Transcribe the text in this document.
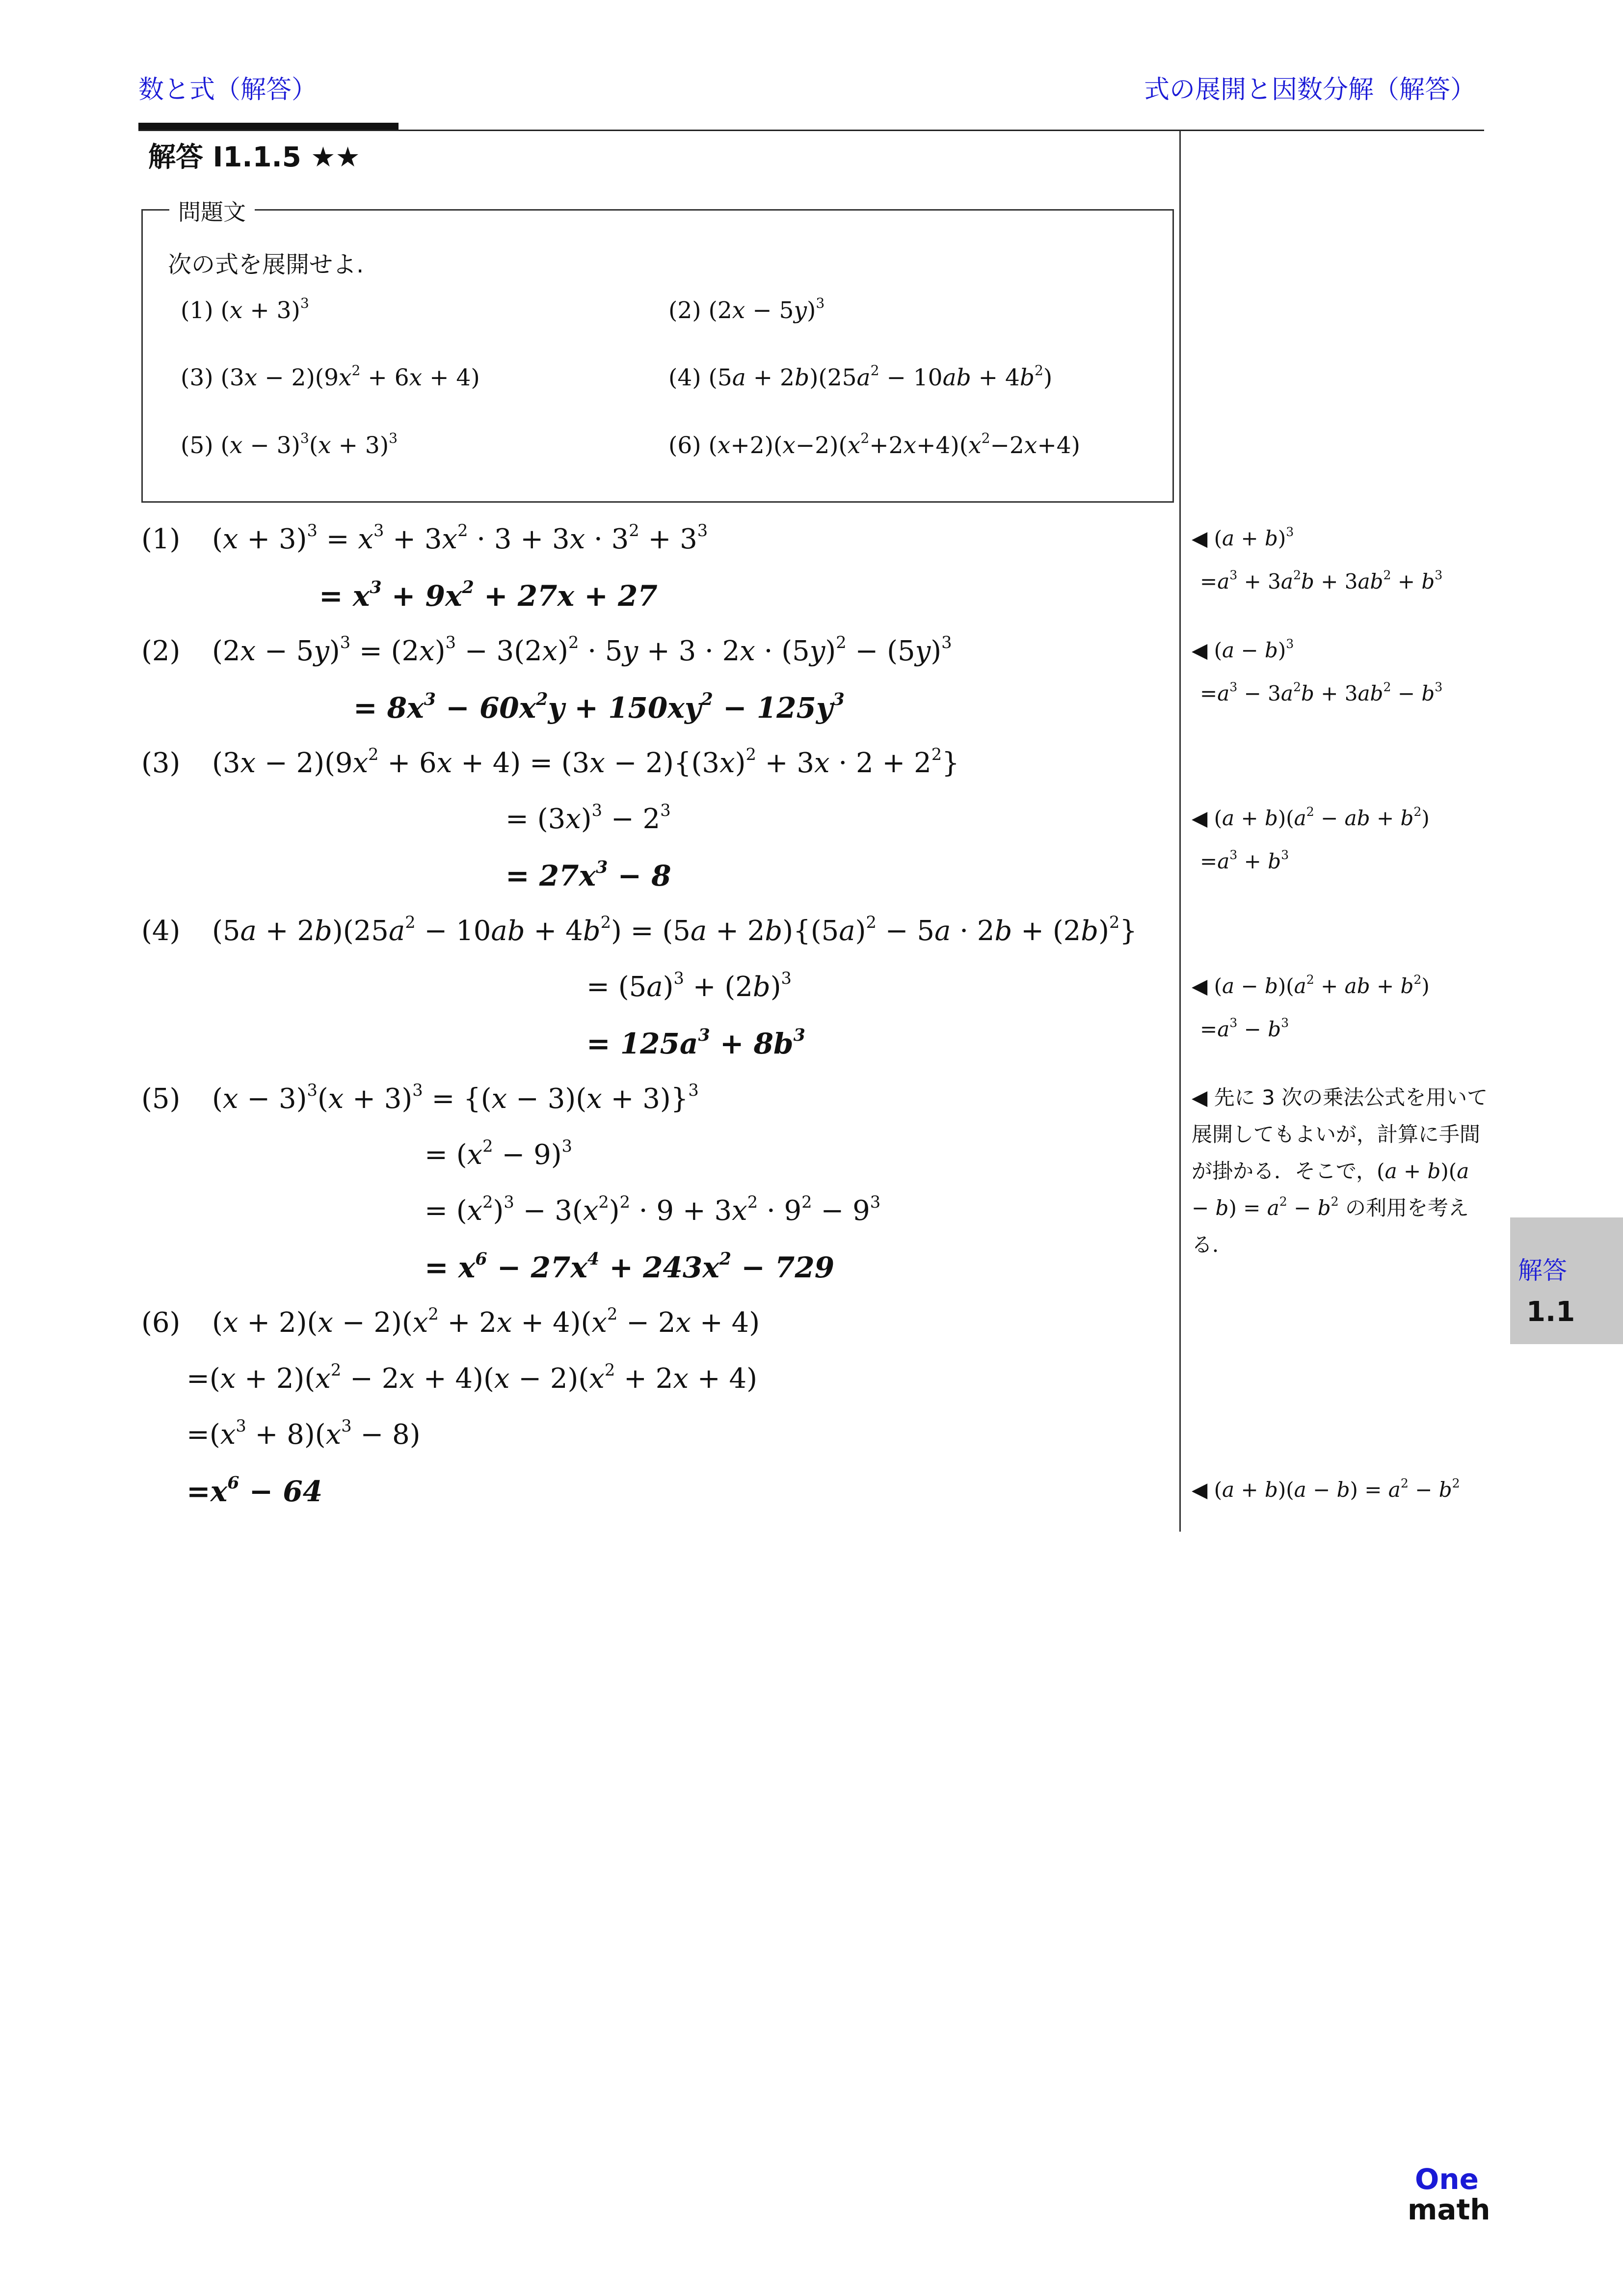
数と式（解答）	式の展開と因数分解（解答）
解答 I1.1.5 ★★
問題文
次の式を展開せよ.
(1) $(x + 3)^3$	(2) $(2x - 5y)^3$
(3) $(3x - 2)(9x^2 + 6x + 4)$	(4) $(5a + 2b)(25a^2 - 10ab + 4b^2)$
(5) $(x - 3)^3(x + 3)^3$	(6) $(x+2)(x-2)(x^2+2x+4)(x^2-2x+4)$
(1) $(x + 3)^3 = x^3 + 3x^2 \cdot 3 + 3x \cdot 3^2 + 3^3$
= $x^3 + 9x^2 + 27x + 27$
(2) $(2x - 5y)^3 = (2x)^3 - 3(2x)^2 \cdot 5y + 3 \cdot 2x \cdot (5y)^2 - (5y)^3$
= $8x^3 - 60x^2y + 150xy^2 - 125y^3$
(3) $(3x - 2)(9x^2 + 6x + 4) = (3x - 2)\{(3x)^2 + 3x \cdot 2 + 2^2\}$
= $(3x)^3 - 2^3$
= $27x^3 - 8$
(4) $(5a + 2b)(25a^2 - 10ab + 4b^2) = (5a + 2b)\{(5a)^2 - 5a \cdot 2b + (2b)^2\}$
= $(5a)^3 + (2b)^3$
= $125a^3 + 8b^3$
(5) $(x - 3)^3(x + 3)^3 = \{(x - 3)(x + 3)\}^3$
= $(x^2 - 9)^3$
= $(x^2)^3 - 3(x^2)^2 \cdot 9 + 3x^2 \cdot 9^2 - 9^3$
= $x^6 - 27x^4 + 243x^2 - 729$
(6) $(x + 2)(x - 2)(x^2 + 2x + 4)(x^2 - 2x + 4)$
$=(x + 2)(x^2 - 2x + 4)(x - 2)(x^2 + 2x + 4)$
$=(x^3 + 8)(x^3 - 8)$
$=x^6 - 64$
◀ $(a + b)^3$
$=a^3 + 3a^2b + 3ab^2 + b^3$
◀ $(a - b)^3$
$=a^3 - 3a^2b + 3ab^2 - b^3$
◀ $(a + b)(a^2$ − ab + $b^2$)
$=a^3 + b^3$
◀ $(a - b)(a^2$ + ab + $b^2$)
$=a^3 - b^3$
◀ 先に 3 次の乗法公式を用いて展開してもよいが，計算に手間が掛かる．そこで，$(a + b)(a - b) = a^2 - b^2$ の利用を考える．
◀ $(a + b)(a - b) = a^2 - b^2$
解答
1.1
One
math
